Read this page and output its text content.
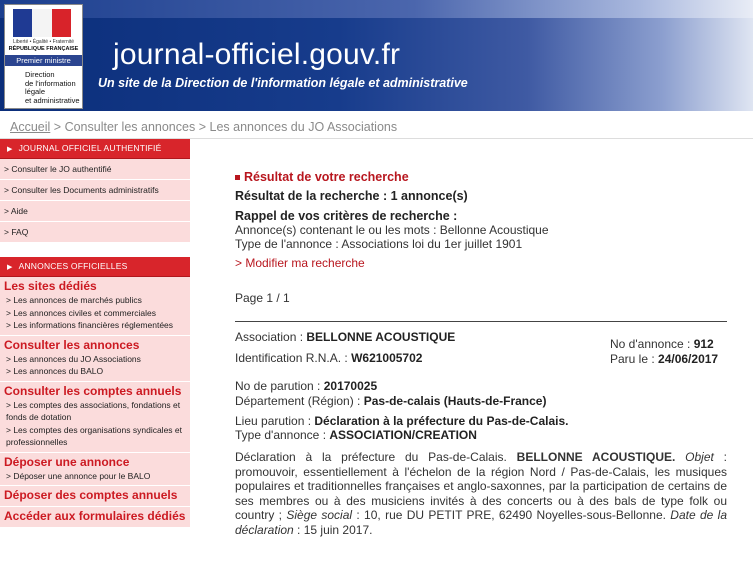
Liberté • Égalité • Fraternité
RÉPUBLIQUE FRANÇAISE
Premier ministre
Direction
de l'information
légale
et administrative
journal-officiel.gouv.fr
Un site de la Direction de l'information légale et administrative
Accueil > Consulter les annonces > Les annonces du JO Associations
▶ JOURNAL OFFICIEL AUTHENTIFIÉ
> Consulter le JO authentifié
> Consulter les Documents administratifs
> Aide
> FAQ
▶ ANNONCES OFFICIELLES
Les sites dédiés
> Les annonces de marchés publics
> Les annonces civiles et commerciales
> Les informations financières réglementées
Consulter les annonces
> Les annonces du JO Associations
> Les annonces du BALO
Consulter les comptes annuels
> Les comptes des associations, fondations et fonds de dotation
> Les comptes des organisations syndicales et professionnelles
Déposer une annonce
> Déposer une annonce pour le BALO
Déposer des comptes annuels
Accéder aux formulaires dédiés
Résultat de votre recherche
Résultat de la recherche : 1 annonce(s)
Rappel de vos critères de recherche :
Annonce(s) contenant le ou les mots : Bellonne Acoustique
Type de l'annonce : Associations loi du 1er juillet 1901
> Modifier ma recherche
Page 1 / 1
Association : BELLONNE ACOUSTIQUE
Identification R.N.A. : W621005702
No d'annonce : 912
Paru le : 24/06/2017
No de parution : 20170025
Département (Région) : Pas-de-calais (Hauts-de-France)
Lieu parution : Déclaration à la préfecture du Pas-de-Calais.
Type d'annonce : ASSOCIATION/CREATION
Déclaration à la préfecture du Pas-de-Calais. BELLONNE ACOUSTIQUE. Objet : promouvoir, essentiellement à l'échelon de la région Nord / Pas-de-Calais, les musiques populaires et traditionnelles françaises et anglo-saxonnes, par la participation de certains de ses membres ou à des musiciens invités à des concerts ou à des bals de type folk ou country ; Siège social : 10, rue DU PETIT PRE, 62490 Noyelles-sous-Bellonne. Date de la déclaration : 15 juin 2017.
